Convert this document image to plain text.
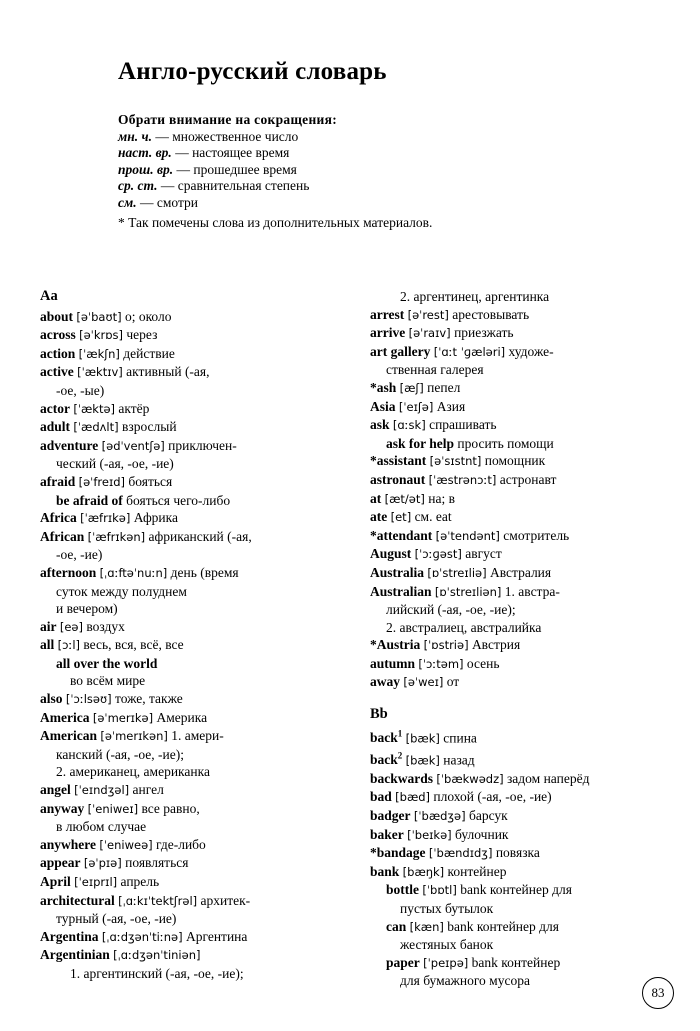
Англо-русский словарь
Обрати внимание на сокращения:
мн. ч. — множественное число
наст. вр. — настоящее время
прош. вр. — прошедшее время
ср. ст. — сравнительная степень
см. — смотри
* Так помечены слова из дополнительных материалов.
Aa
about [əˈbaʊt] о; около
across [əˈkrɒs] через
action [ˈækʃn] действие
active [ˈæktɪv] активный (-ая,
-ое, -ые)
actor [ˈæktə] актёр
adult [ˈædʌlt] взрослый
adventure [ədˈventʃə] приключен-
ческий (-ая, -ое, -ие)
afraid [əˈfreɪd] бояться
be afraid of бояться чего-либо
Africa [ˈæfrɪkə] Африка
African [ˈæfrɪkən] африканский (-ая,
-ое, -ие)
afternoon [ˌɑːftəˈnuːn] день (время
суток между полуднем
и вечером)
air [eə] воздух
all [ɔːl] весь, вся, всё, все
all over the world
во всём мире
also [ˈɔːlsəʊ] тоже, также
America [əˈmerɪkə] Америка
American [əˈmerɪkən] 1. амери-
канский (-ая, -ое, -ие);
2. американец, американка
angel [ˈeɪndʒəl] ангел
anyway [ˈeniweɪ] все равно,
в любом случае
anywhere [ˈeniweə] где-либо
appear [əˈpɪə] появляться
April [ˈeɪprɪl] апрель
architectural [ˌɑːkɪˈtektʃrəl] архитек-
турный (-ая, -ое, -ие)
Argentina [ˌɑːdʒənˈtiːnə] Аргентина
Argentinian [ˌɑːdʒənˈtiniən]
1. аргентинский (-ая, -ое, -ие);
2. аргентинец, аргентинка
arrest [əˈrest] арестовывать
arrive [əˈraɪv] приезжать
art gallery [ˈɑːt ˈɡæləri] художе-
ственная галерея
*ash [æʃ] пепел
Asia [ˈeɪʃə] Азия
ask [ɑːsk] спрашивать
ask for help просить помощи
*assistant [əˈsɪstnt] помощник
astronaut [ˈæstrənɔːt] астронавт
at [æt/ət] на; в
ate [et] см. eat
*attendant [əˈtendənt] смотритель
August [ˈɔːɡəst] август
Australia [ɒˈstreɪliə] Австралия
Australian [ɒˈstreɪliən] 1. австра-
лийский (-ая, -ое, -ие);
2. австралиец, австралийка
*Austria [ˈɒstriə] Австрия
autumn [ˈɔːtəm] осень
away [əˈweɪ] от
Bb
back$^1$ [bæk] спина
back$^2$ [bæk] назад
backwards [ˈbækwədz] задом наперёд
bad [bæd] плохой (-ая, -ое, -ие)
badger [ˈbædʒə] барсук
baker [ˈbeɪkə] булочник
*bandage [ˈbændɪdʒ] повязка
bank [bæŋk] контейнер
bottle [ˈbɒtl] bank контейнер для
пустых бутылок
can [kæn] bank контейнер для
жестяных банок
paper [ˈpeɪpə] bank контейнер
для бумажного мусора
83
